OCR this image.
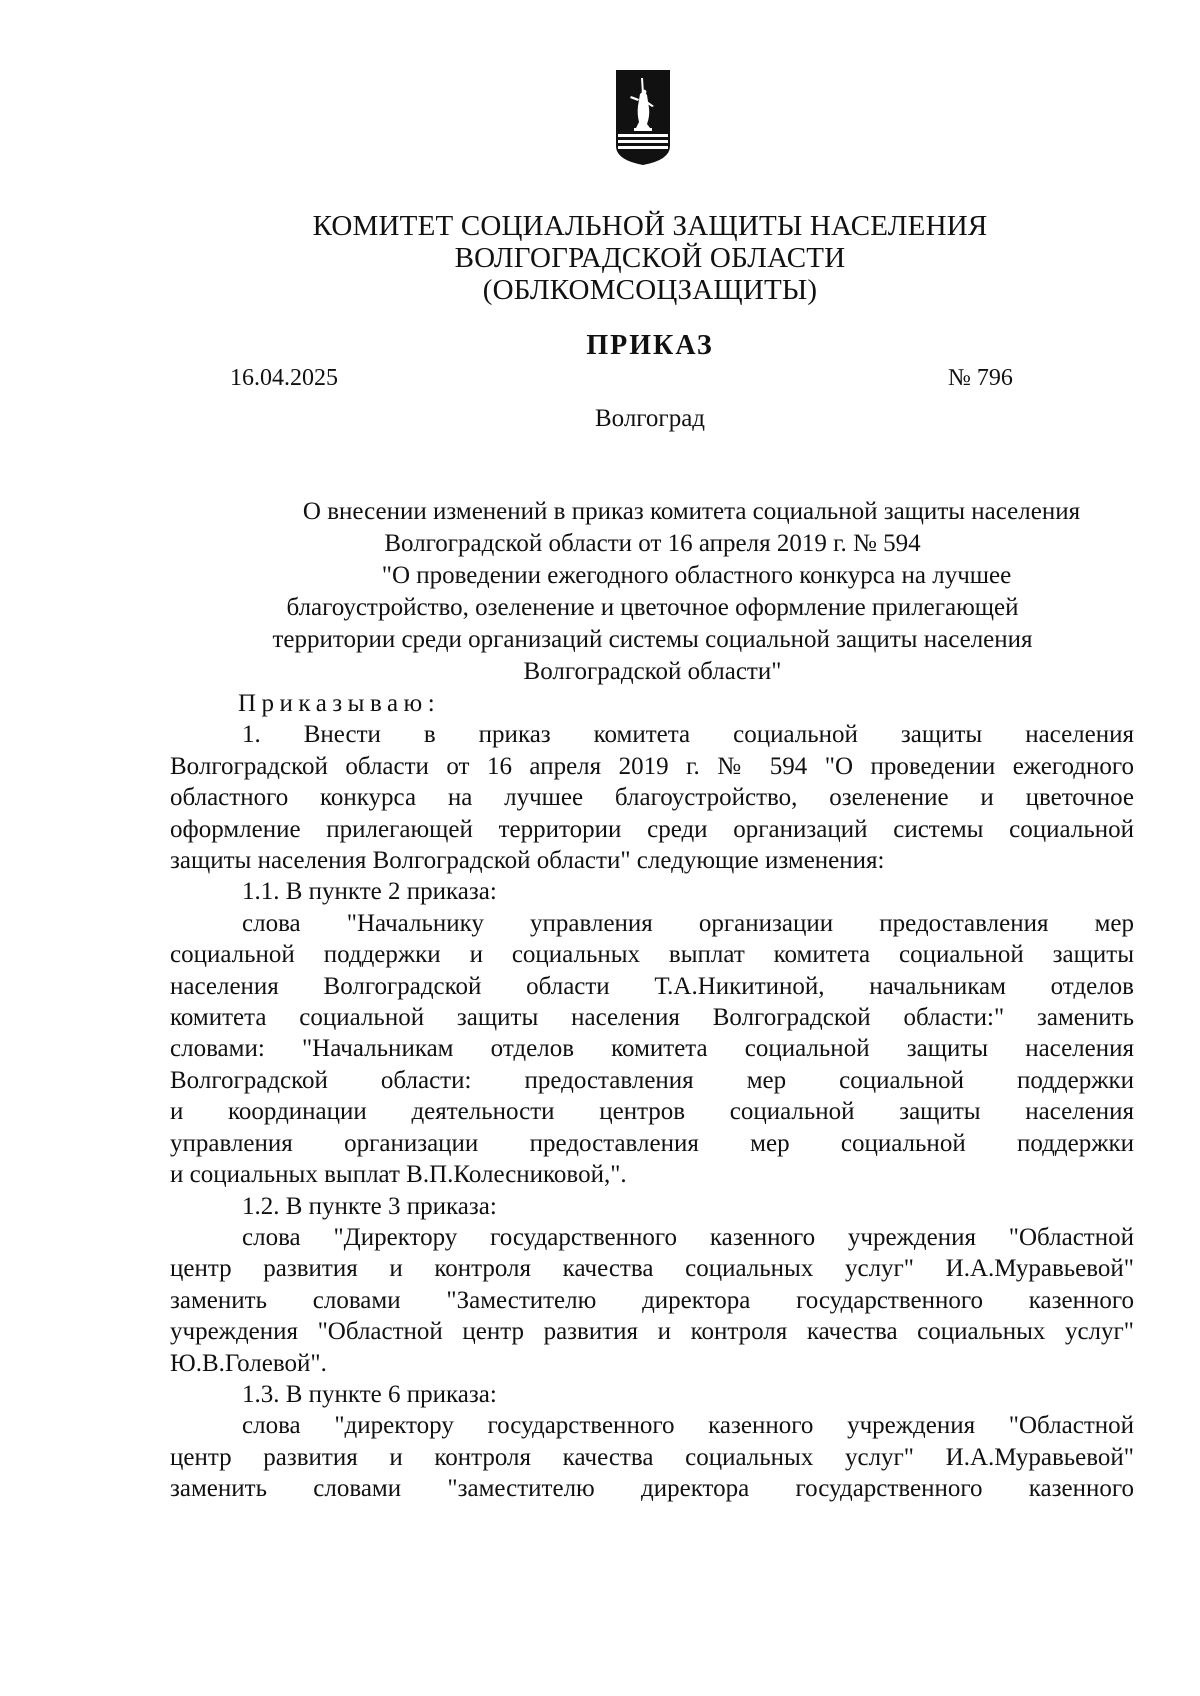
КОМИТЕТ СОЦИАЛЬНОЙ ЗАЩИТЫ НАСЕЛЕНИЯ
ВОЛГОГРАДСКОЙ ОБЛАСТИ
(ОБЛКОМСОЦЗАЩИТЫ)
ПРИКАЗ
16.04.2025	№ 796
Волгоград
О внесении изменений в приказ комитета социальной защиты населения
Волгоградской области от 16 апреля 2019 г. № 594
"О проведении ежегодного областного конкурса на лучшее
благоустройство, озеленение и цветочное оформление прилегающей
территории среди организаций системы социальной защиты населения
Волгоградской области"
Приказываю:
1. Внести в приказ комитета социальной защиты населения
Волгоградской области от 16 апреля 2019 г. № 594 "О проведении ежегодного
областного конкурса на лучшее благоустройство, озеленение и цветочное
оформление прилегающей территории среди организаций системы социальной
защиты населения Волгоградской области" следующие изменения:
1.1. В пункте 2 приказа:
слова "Начальнику управления организации предоставления мер
социальной поддержки и социальных выплат комитета социальной защиты
населения Волгоградской области Т.А.Никитиной, начальникам отделов
комитета социальной защиты населения Волгоградской области:" заменить
словами: "Начальникам отделов комитета социальной защиты населения
Волгоградской области: предоставления мер социальной поддержки
и координации деятельности центров социальной защиты населения
управления организации предоставления мер социальной поддержки
и социальных выплат В.П.Колесниковой,".
1.2. В пункте 3 приказа:
слова "Директору государственного казенного учреждения "Областной
центр развития и контроля качества социальных услуг" И.А.Муравьевой"
заменить словами "Заместителю директора государственного казенного
учреждения "Областной центр развития и контроля качества социальных услуг"
Ю.В.Голевой".
1.3. В пункте 6 приказа:
слова "директору государственного казенного учреждения "Областной
центр развития и контроля качества социальных услуг" И.А.Муравьевой"
заменить словами "заместителю директора государственного казенного
